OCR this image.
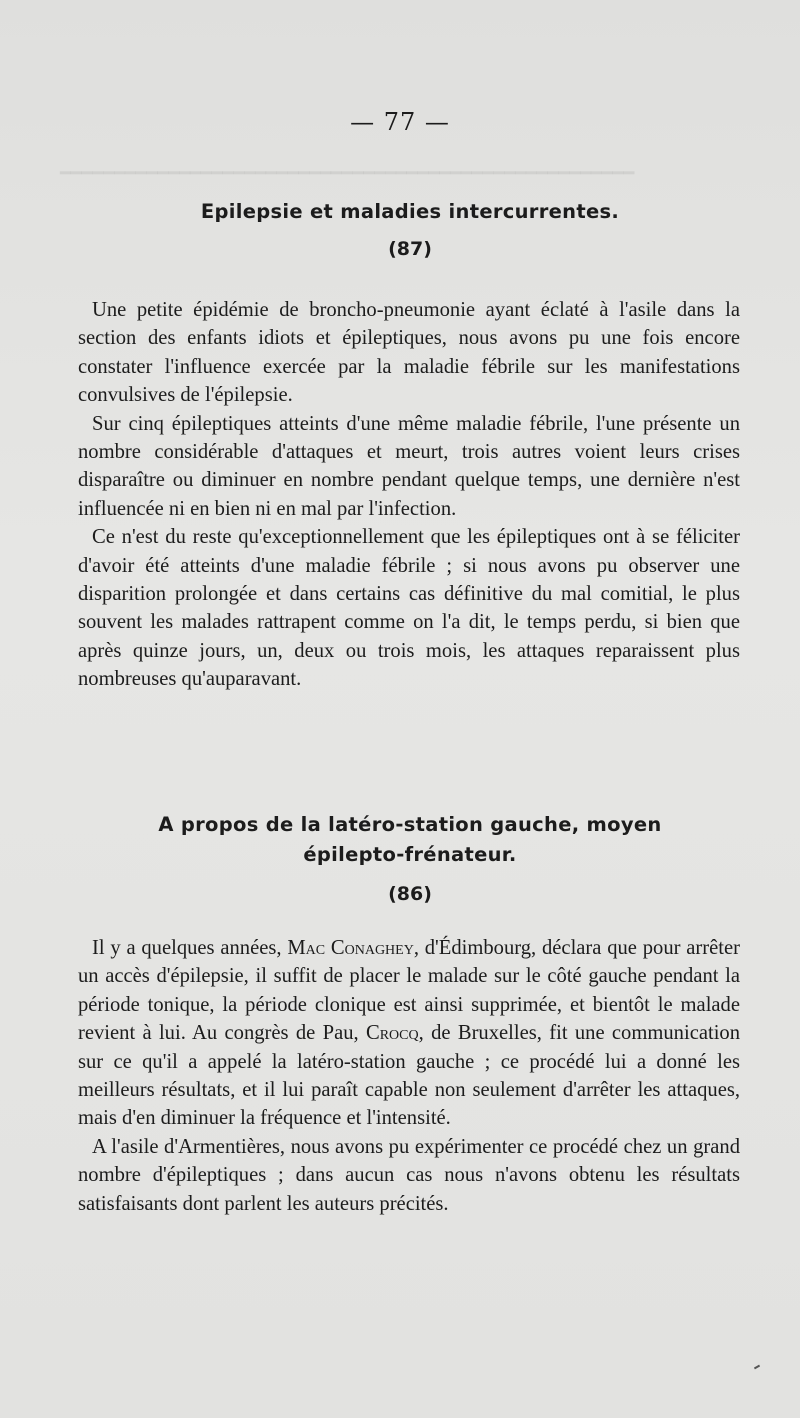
━━━━━━━━━━━━━━━━━━━━━━━━━━━━━━━━━━━━━━━━━━━━━━━━━━━━━
— 77 —
Epilepsie et maladies intercurrentes.
(87)

Une petite épidémie de broncho-pneumonie ayant éclaté à l'asile dans la section des enfants idiots et épileptiques, nous avons pu une fois encore constater l'influence exercée par la maladie fébrile sur les manifestations convulsives de l'épilepsie.

Sur cinq épileptiques atteints d'une même maladie fébrile, l'une présente un nombre considérable d'attaques et meurt, trois autres voient leurs crises disparaître ou diminuer en nombre pendant quelque temps, une dernière n'est influencée ni en bien ni en mal par l'infection.

Ce n'est du reste qu'exceptionnellement que les épileptiques ont à se féliciter d'avoir été atteints d'une maladie fébrile ; si nous avons pu observer une disparition prolongée et dans certains cas définitive du mal comitial, le plus souvent les malades rattrapent comme on l'a dit, le temps perdu, si bien que après quinze jours, un, deux ou trois mois, les attaques reparaissent plus nombreuses qu'auparavant.

A propos de la latéro-station gauche, moyen
épilepto-frénateur.
(86)

Il y a quelques années, Mac Conaghey, d'Édimbourg, déclara que pour arrêter un accès d'épilepsie, il suffit de placer le malade sur le côté gauche pendant la période tonique, la période clonique est ainsi supprimée, et bientôt le malade revient à lui. Au congrès de Pau, Crocq, de Bruxelles, fit une communication sur ce qu'il a appelé la latéro-station gauche ; ce procédé lui a donné les meilleurs résultats, et il lui paraît capable non seulement d'arrêter les attaques, mais d'en diminuer la fréquence et l'intensité.

A l'asile d'Armentières, nous avons pu expérimenter ce procédé chez un grand nombre d'épileptiques ; dans aucun cas nous n'avons obtenu les résultats satisfaisants dont parlent les auteurs précités.
